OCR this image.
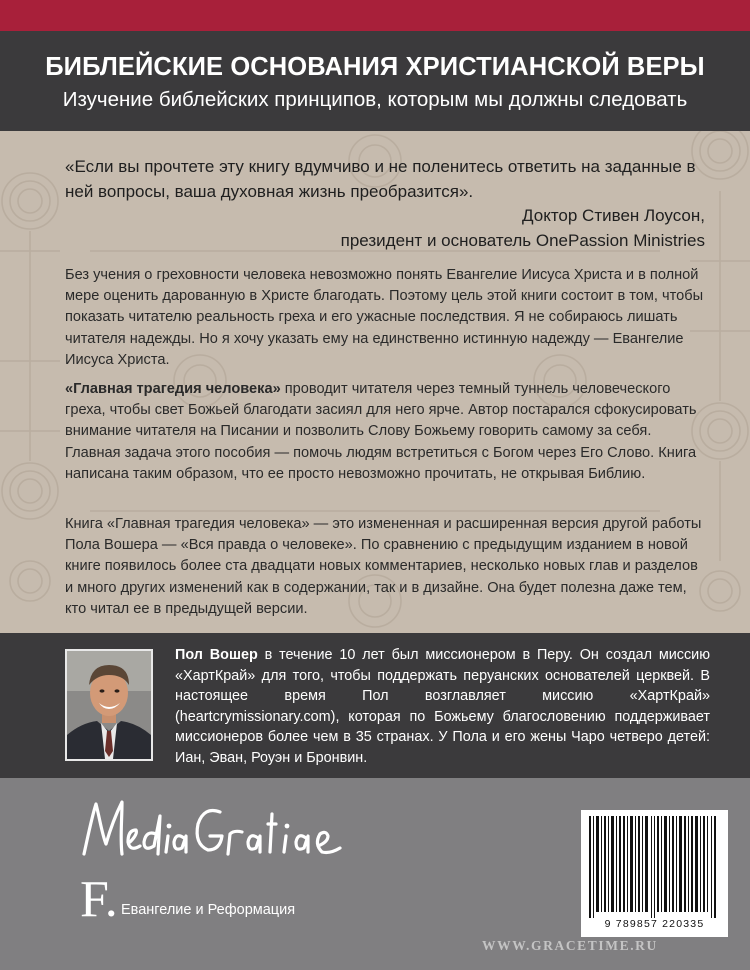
БИБЛЕЙСКИЕ ОСНОВАНИЯ ХРИСТИАНСКОЙ ВЕРЫ
Изучение библейских принципов, которым мы должны следовать
«Если вы прочтете эту книгу вдумчиво и не поленитесь ответить на заданные в ней вопросы, ваша духовная жизнь преобразится».
Доктор Стивен Лоусон,
президент и основатель OnePassion Ministries

Без учения о греховности человека невозможно понять Евангелие Иисуса Христа и в полной мере оценить дарованную в Христе благодать. Поэтому цель этой книги состоит в том, чтобы показать читателю реальность греха и его ужасные последствия. Я не собираюсь лишать читателя надежды. Но я хочу указать ему на единственно истинную надежду — Евангелие Иисуса Христа.

«Главная трагедия человека» проводит читателя через темный туннель человеческого греха, чтобы свет Божьей благодати засиял для него ярче. Автор постарался сфокусировать внимание читателя на Писании и позволить Слову Божьему говорить самому за себя. Главная задача этого пособия — помочь людям встретиться с Богом через Его Слово. Книга написана таким образом, что ее просто невозможно прочитать, не открывая Библию.

Книга «Главная трагедия человека» — это измененная и расширенная версия другой работы Пола Вошера — «Вся правда о человеке». По сравнению с предыдущим изданием в новой книге появилось более ста двадцати новых комментариев, несколько новых глав и разделов и много других изменений как в содержании, так и в дизайне. Она будет полезна даже тем, кто читал ее в предыдущей версии.

Пол Вошер в течение 10 лет был миссионером в Перу. Он создал миссию «ХартКрай» для того, чтобы поддержать перуанских основателей церквей. В настоящее время Пол возглавляет миссию «ХартКрай» (heartcrymissionary.com), которая по Божьему благословению поддерживает миссионеров более чем в 35 странах. У Пола и его жены Чаро четверо детей: Иан, Эван, Роуэн и Бронвин.

F. Евангелие и Реформация
9 789857 220335
WWW.GRACETIME.RU
